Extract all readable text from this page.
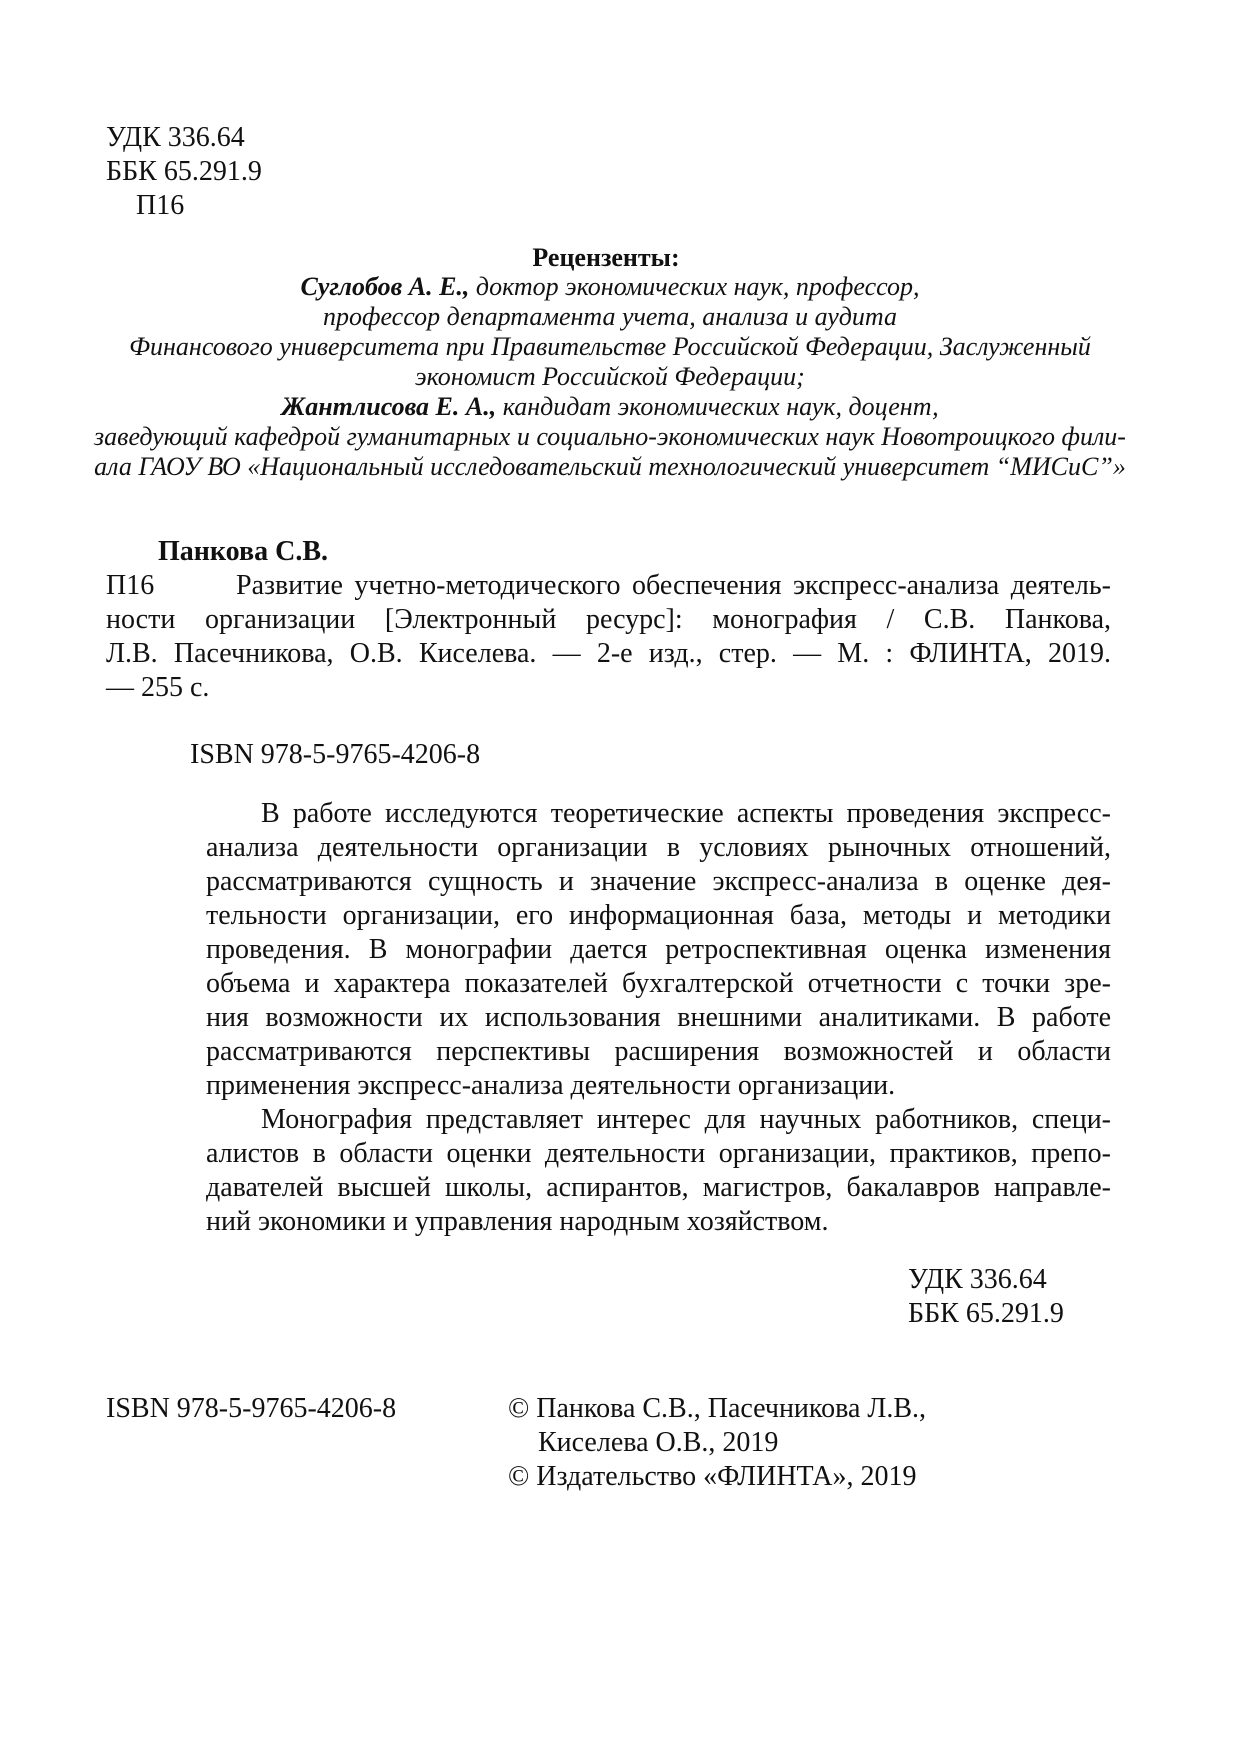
УДК 336.64

ББК 65.291.9

П16

Рецензенты:

Суглобов А. Е., доктор экономических наук, профессор,
профессор департамента учета, анализа и аудита
Финансового университета при Правительстве Российской Федерации, Заслуженный
экономист Российской Федерации;
Жантлисова Е. А., кандидат экономических наук, доцент,
заведующий кафедрой гуманитарных и социально-экономических наук Новотроицкого фили-
ала ГАОУ ВО «Национальный исследовательский технологический университет “МИСиС”»

Панкова С.В.

П16	Развитие учетно-методического обеспечения экспресс-анализа деятель-
ности организации [Электронный ресурс]: монография / С.В. Панкова,
Л.В. Пасечникова, О.В. Киселева. — 2-е изд., стер. — М. : ФЛИНТА, 2019.
— 255 с.

ISBN 978-5-9765-4206-8

В работе исследуются теоретические аспекты проведения экспресс-
анализа деятельности организации в условиях рыночных отношений,
рассматриваются сущность и значение экспресс-анализа в оценке дея-
тельности организации, его информационная база, методы и методики
проведения. В монографии дается ретроспективная оценка изменения
объема и характера показателей бухгалтерской отчетности с точки зре-
ния возможности их использования внешними аналитиками. В работе
рассматриваются перспективы расширения возможностей и области
применения экспресс-анализа деятельности организации.
Монография представляет интерес для научных работников, специ-
алистов в области оценки деятельности организации, практиков, препо-
давателей высшей школы, аспирантов, магистров, бакалавров направле-
ний экономики и управления народным хозяйством.

УДК 336.64

ББК 65.291.9

ISBN 978-5-9765-4206-8	© Панкова С.В., Пасечникова Л.В.,

Киселева О.В., 2019

© Издательство «ФЛИНТА», 2019
